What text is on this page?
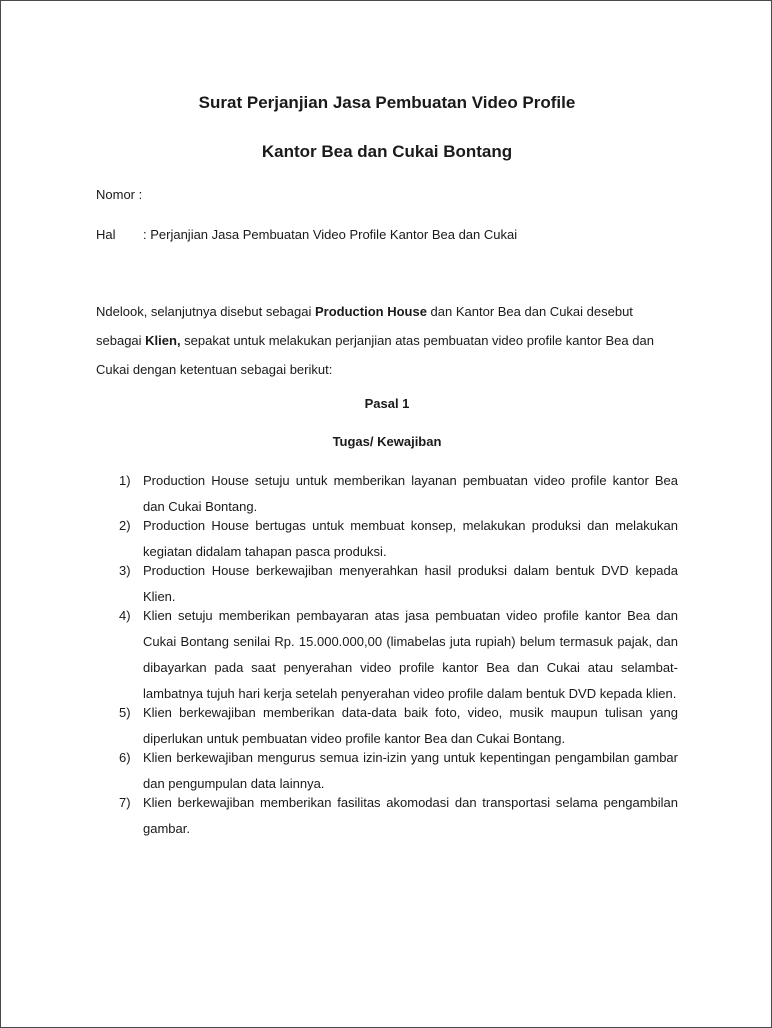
Surat Perjanjian Jasa Pembuatan Video Profile
Kantor Bea dan Cukai Bontang

Nomor :

Hal : Perjanjian Jasa Pembuatan Video Profile Kantor Bea dan Cukai

Ndelook, selanjutnya disebut sebagai Production House dan Kantor Bea dan Cukai desebut sebagai Klien, sepakat untuk melakukan perjanjian atas pembuatan video profile kantor Bea dan Cukai dengan ketentuan sebagai berikut:

Pasal 1

Tugas/ Kewajiban

1) Production House setuju untuk memberikan layanan pembuatan video profile kantor Bea dan Cukai Bontang.
2) Production House bertugas untuk membuat konsep, melakukan produksi dan melakukan kegiatan didalam tahapan pasca produksi.
3) Production House berkewajiban menyerahkan hasil produksi dalam bentuk DVD kepada Klien.
4) Klien setuju memberikan pembayaran atas jasa pembuatan video profile kantor Bea dan Cukai Bontang senilai Rp. 15.000.000,00 (limabelas juta rupiah) belum termasuk pajak, dan dibayarkan pada saat penyerahan video profile kantor Bea dan Cukai atau selambat-lambatnya tujuh hari kerja setelah penyerahan video profile dalam bentuk DVD kepada klien.
5) Klien berkewajiban memberikan data-data baik foto, video, musik maupun tulisan yang diperlukan untuk pembuatan video profile kantor Bea dan Cukai Bontang.
6) Klien berkewajiban mengurus semua izin-izin yang untuk kepentingan pengambilan gambar dan pengumpulan data lainnya.
7) Klien berkewajiban memberikan fasilitas akomodasi dan transportasi selama pengambilan gambar.
